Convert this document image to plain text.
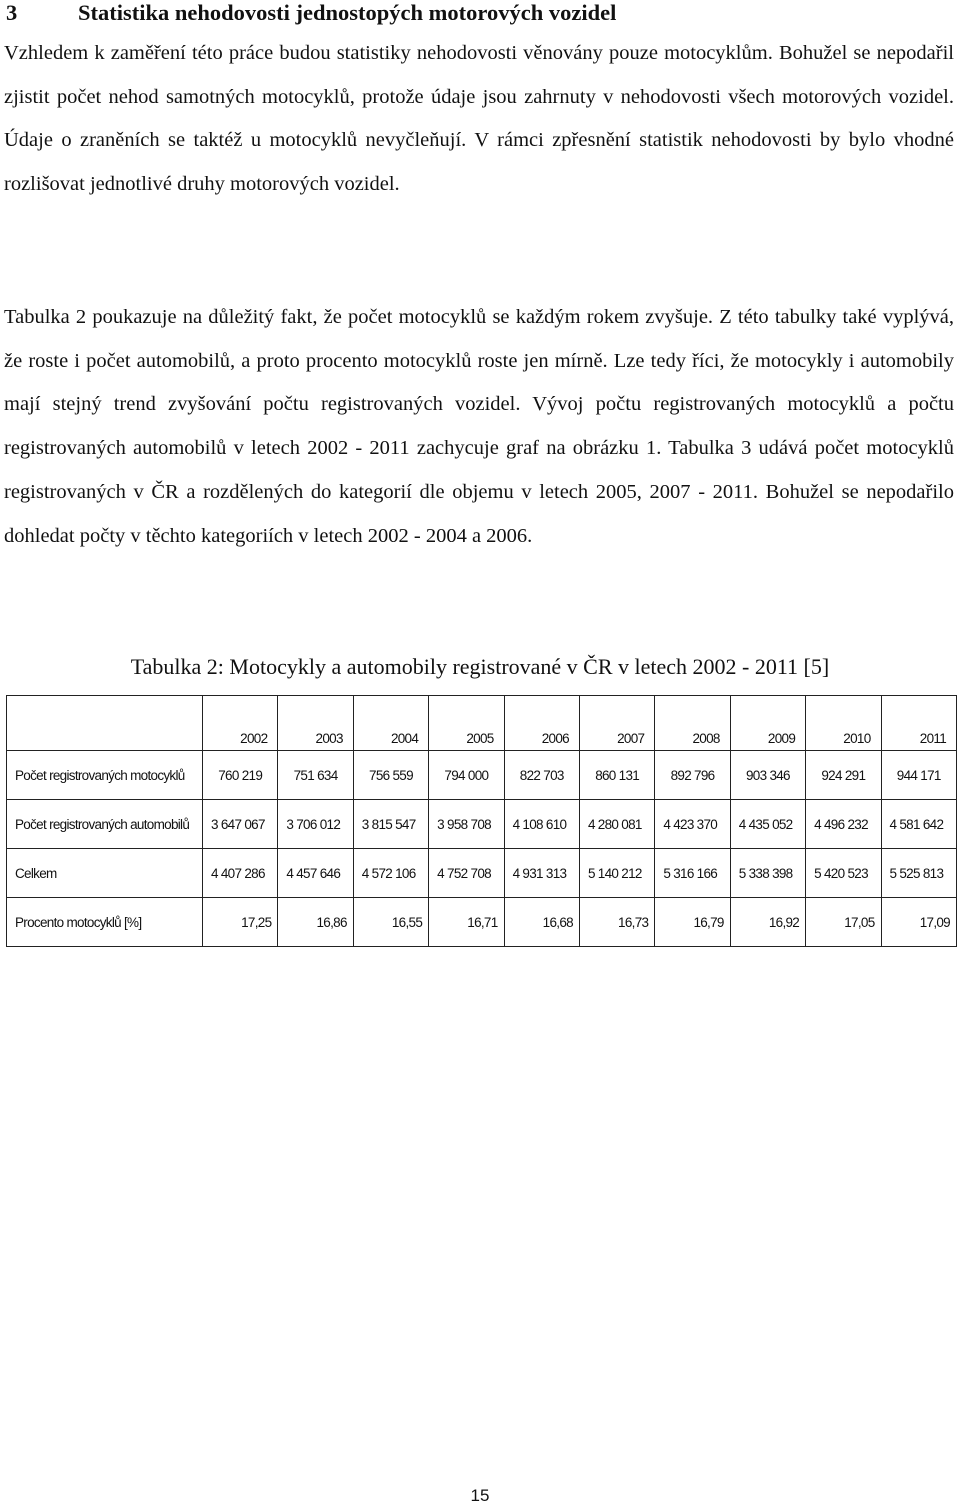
3	Statistika nehodovosti jednostopých motorových vozidel

Vzhledem k zaměření této práce budou statistiky nehodovosti věnovány pouze motocyklům. Bohužel se nepodařil zjistit počet nehod samotných motocyklů, protože údaje jsou zahrnuty v nehodovosti všech motorových vozidel. Údaje o zraněních se taktéž u motocyklů nevyčleňují. V rámci zpřesnění statistik nehodovosti by bylo vhodné rozlišovat jednotlivé druhy motorových vozidel.

Tabulka 2 poukazuje na důležitý fakt, že počet motocyklů se každým rokem zvyšuje. Z této tabulky také vyplývá, že roste i počet automobilů, a proto procento motocyklů roste jen mírně. Lze tedy říci, že motocykly i automobily mají stejný trend zvyšování počtu registrovaných vozidel. Vývoj počtu registrovaných motocyklů a počtu registrovaných automobilů v letech 2002 - 2011 zachycuje graf na obrázku 1. Tabulka 3 udává počet motocyklů registrovaných v ČR a rozdělených do kategorií dle objemu v letech 2005, 2007 - 2011. Bohužel se nepodařilo dohledat počty v těchto kategoriích v letech 2002 - 2004 a 2006.

Tabulka 2: Motocykly a automobily registrované v ČR v letech 2002 - 2011 [5]

	2002	2003	2004	2005	2006	2007	2008	2009	2010	2011
Počet registrovaných motocyklů	760 219	751 634	756 559	794 000	822 703	860 131	892 796	903 346	924 291	944 171
Počet registrovaných automobilů	3 647 067	3 706 012	3 815 547	3 958 708	4 108 610	4 280 081	4 423 370	4 435 052	4 496 232	4 581 642
Celkem	4 407 286	4 457 646	4 572 106	4 752 708	4 931 313	5 140 212	5 316 166	5 338 398	5 420 523	5 525 813
Procento motocyklů [%]	17,25	16,86	16,55	16,71	16,68	16,73	16,79	16,92	17,05	17,09

15
